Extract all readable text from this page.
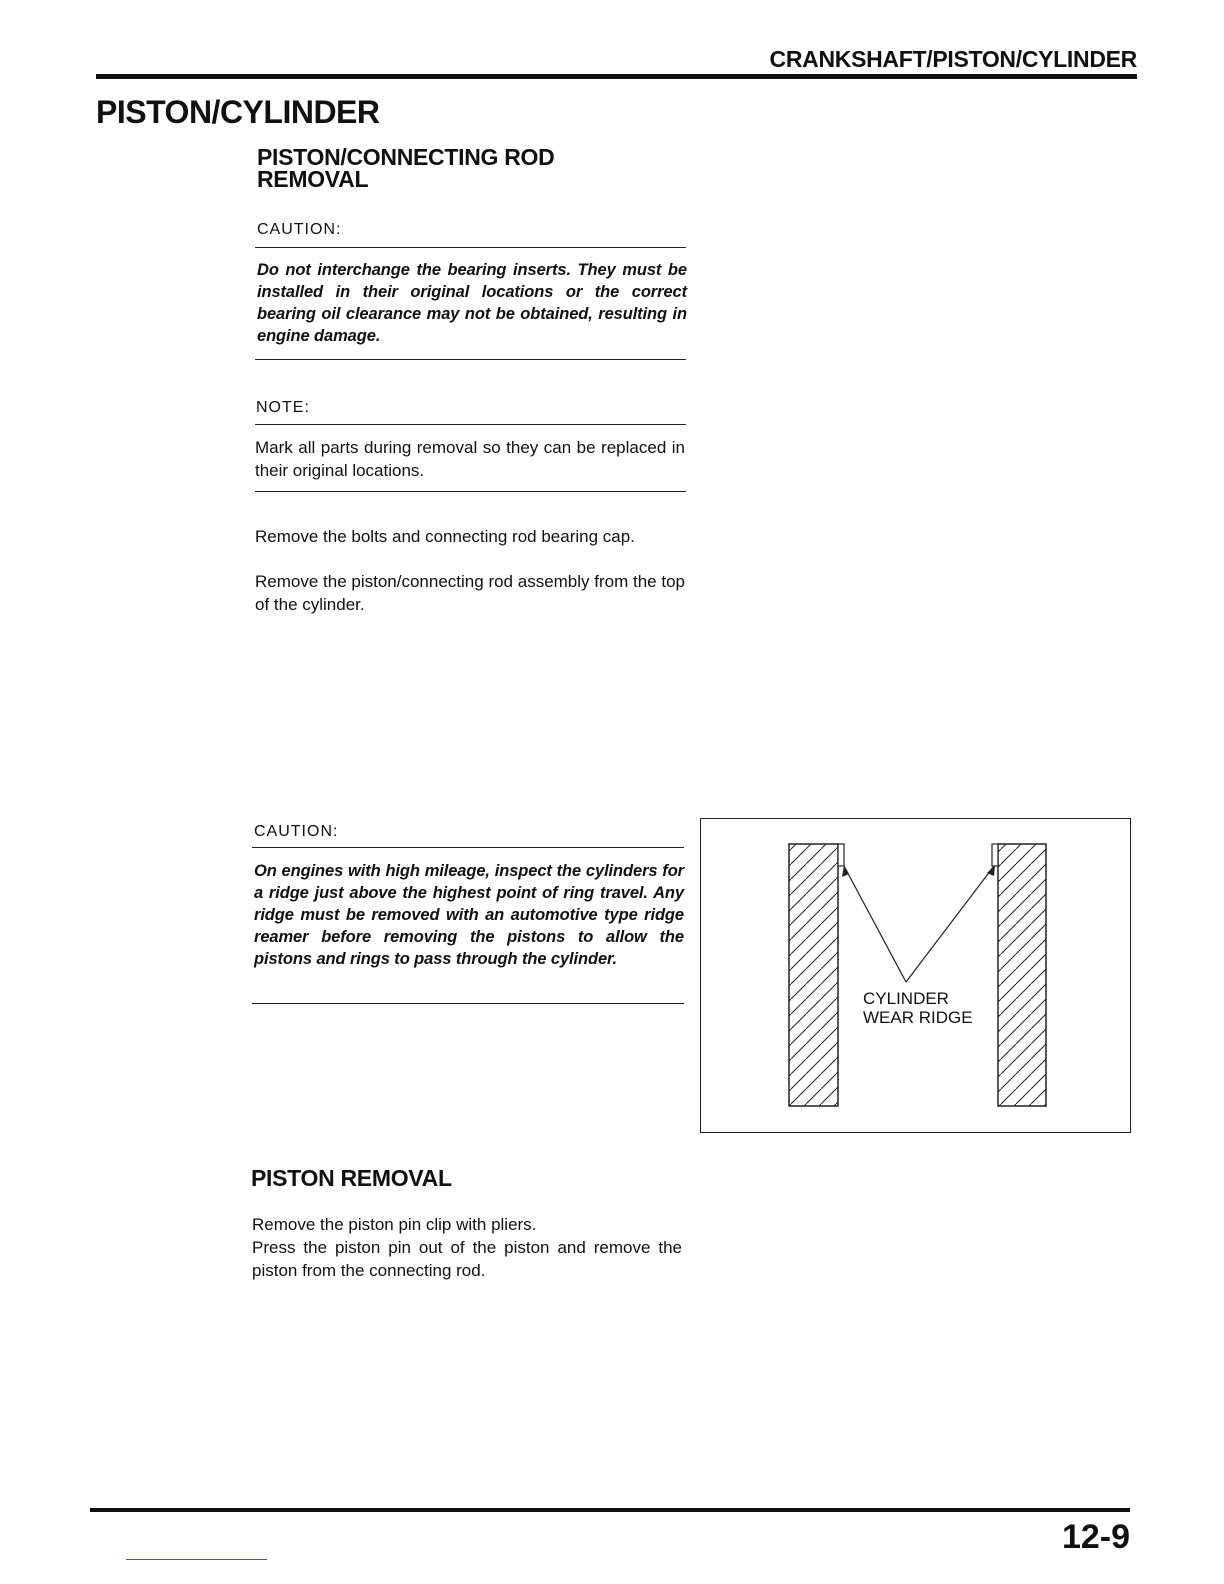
CRANKSHAFT/PISTON/CYLINDER
PISTON/CYLINDER
PISTON/CONNECTING ROD
REMOVAL
CAUTION:
Do not interchange the bearing inserts. They must be installed in their original locations or the correct bearing oil clearance may not be obtained, resulting in engine damage.
NOTE:
Mark all parts during removal so they can be replaced in their original locations.
Remove the bolts and connecting rod bearing cap.
Remove the piston/connecting rod assembly from the top of the cylinder.
CAUTION:
On engines with high mileage, inspect the cylinders for a ridge just above the highest point of ring travel. Any ridge must be removed with an automotive type ridge reamer before removing the pistons to allow the pistons and rings to pass through the cylinder.
CYLINDER
WEAR RIDGE
PISTON REMOVAL
Remove the piston pin clip with pliers.
Press the piston pin out of the piston and remove the piston from the connecting rod.
12-9
